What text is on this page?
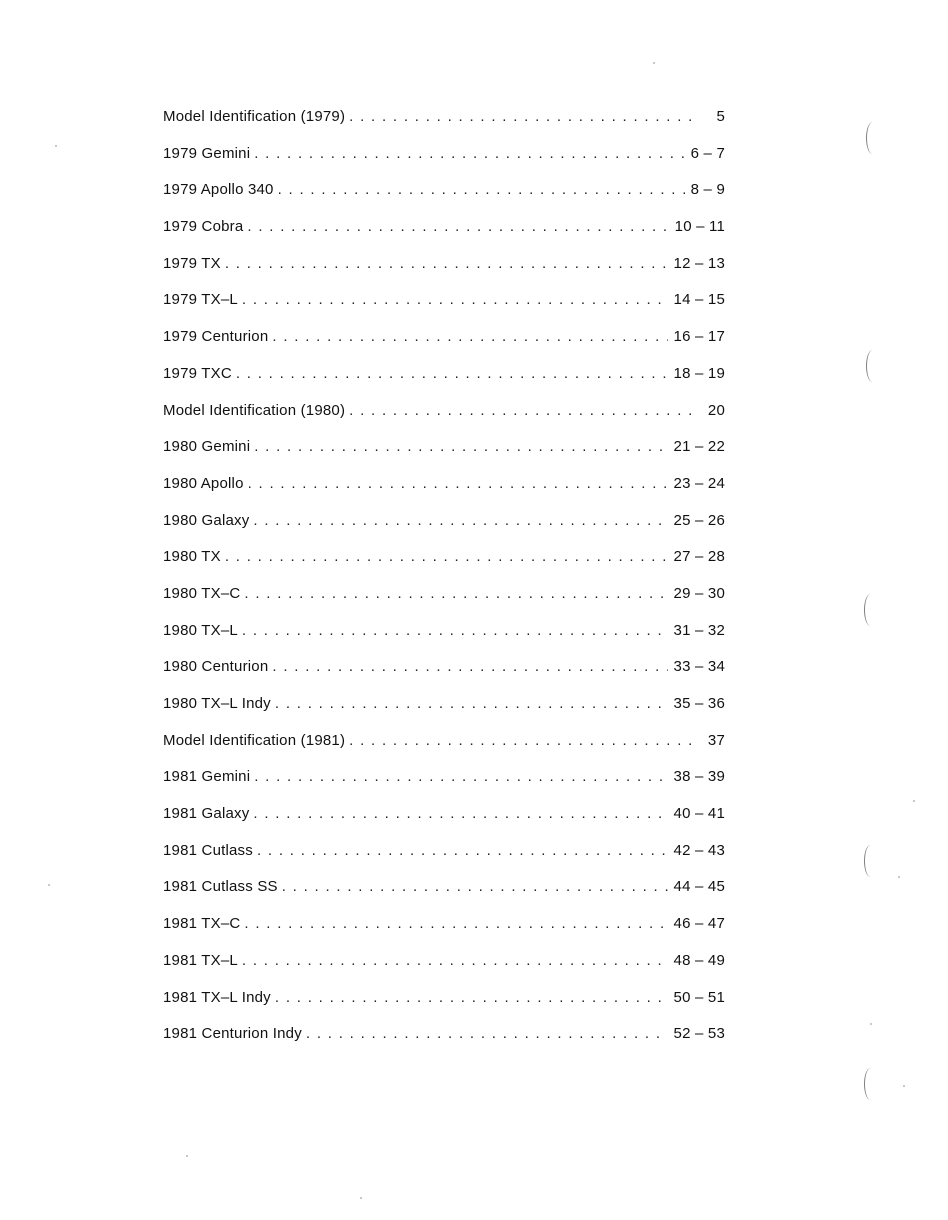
Model Identification (1979) . . .	5
1979 Gemini . . .	6 – 7
1979 Apollo 340 . . .	8 – 9
1979 Cobra . . .	10 – 11
1979 TX . . .	12 – 13
1979 TX–L . . .	14 – 15
1979 Centurion . . .	16 – 17
1979 TXC . . .	18 – 19
Model Identification (1980) . . .	20
1980 Gemini . . .	21 – 22
1980 Apollo . . .	23 – 24
1980 Galaxy . . .	25 – 26
1980 TX . . .	27 – 28
1980 TX–C . . .	29 – 30
1980 TX–L . . .	31 – 32
1980 Centurion . . .	33 – 34
1980 TX–L Indy . . .	35 – 36
Model Identification (1981) . . .	37
1981 Gemini . . .	38 – 39
1981 Galaxy . . .	40 – 41
1981 Cutlass . . .	42 – 43
1981 Cutlass SS . . .	44 – 45
1981 TX–C . . .	46 – 47
1981 TX–L . . .	48 – 49
1981 TX–L Indy . . .	50 – 51
1981 Centurion Indy . . .	52 – 53
